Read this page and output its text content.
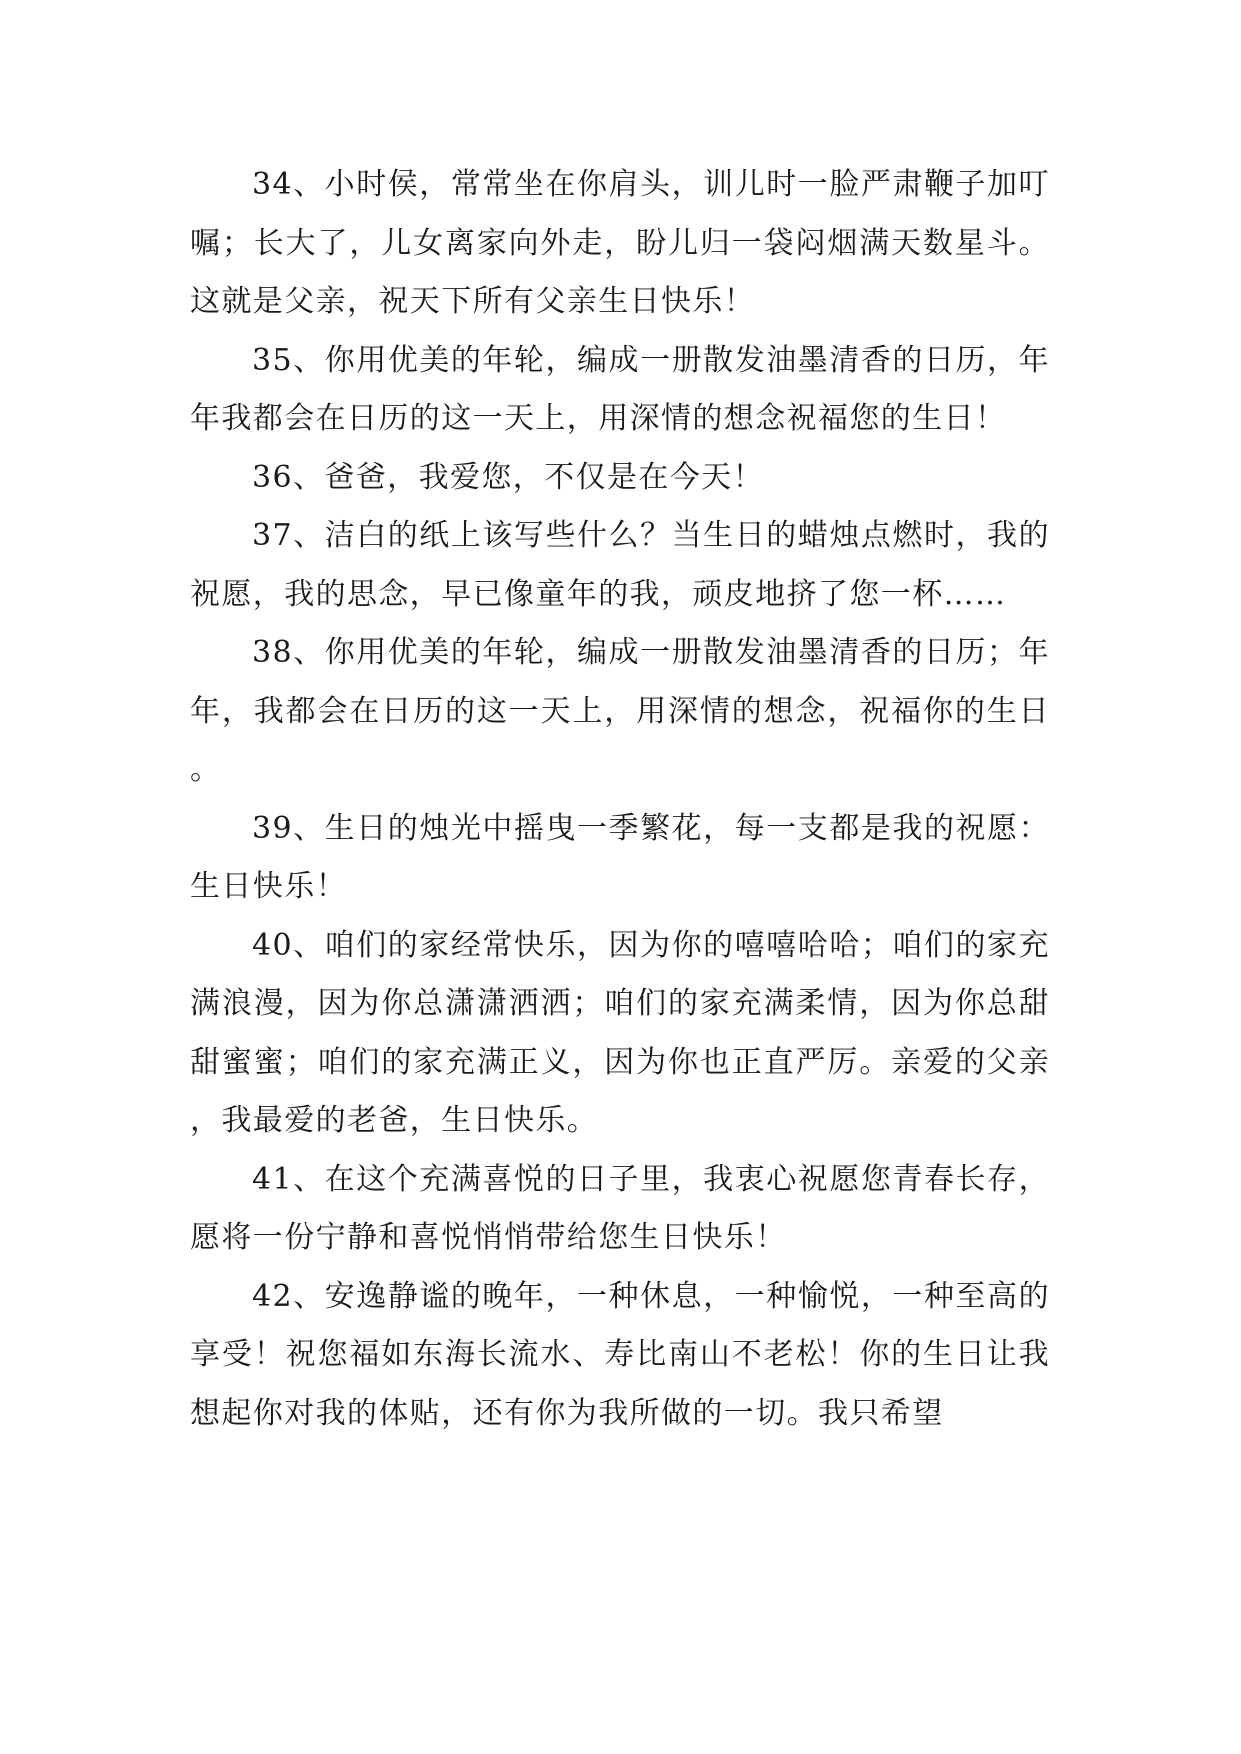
34、小时侯，常常坐在你肩头，训儿时一脸严肃鞭子加叮嘱；长大了，儿女离家向外走，盼儿归一袋闷烟满天数星斗。这就是父亲，祝天下所有父亲生日快乐！

35、你用优美的年轮，编成一册散发油墨清香的日历，年年我都会在日历的这一天上，用深情的想念祝福您的生日！

36、爸爸，我爱您，不仅是在今天！

37、洁白的纸上该写些什么？当生日的蜡烛点燃时，我的祝愿，我的思念，早已像童年的我，顽皮地挤了您一杯……

38、你用优美的年轮，编成一册散发油墨清香的日历；年年，我都会在日历的这一天上，用深情的想念，祝福你的生日。

39、生日的烛光中摇曳一季繁花，每一支都是我的祝愿：生日快乐！

40、咱们的家经常快乐，因为你的嘻嘻哈哈；咱们的家充满浪漫，因为你总潇潇洒洒；咱们的家充满柔情，因为你总甜甜蜜蜜；咱们的家充满正义，因为你也正直严厉。亲爱的父亲，我最爱的老爸，生日快乐。

41、在这个充满喜悦的日子里，我衷心祝愿您青春长存，愿将一份宁静和喜悦悄悄带给您生日快乐！

42、安逸静谧的晚年，一种休息，一种愉悦，一种至高的享受！祝您福如东海长流水、寿比南山不老松！你的生日让我想起你对我的体贴，还有你为我所做的一切。我只希望
